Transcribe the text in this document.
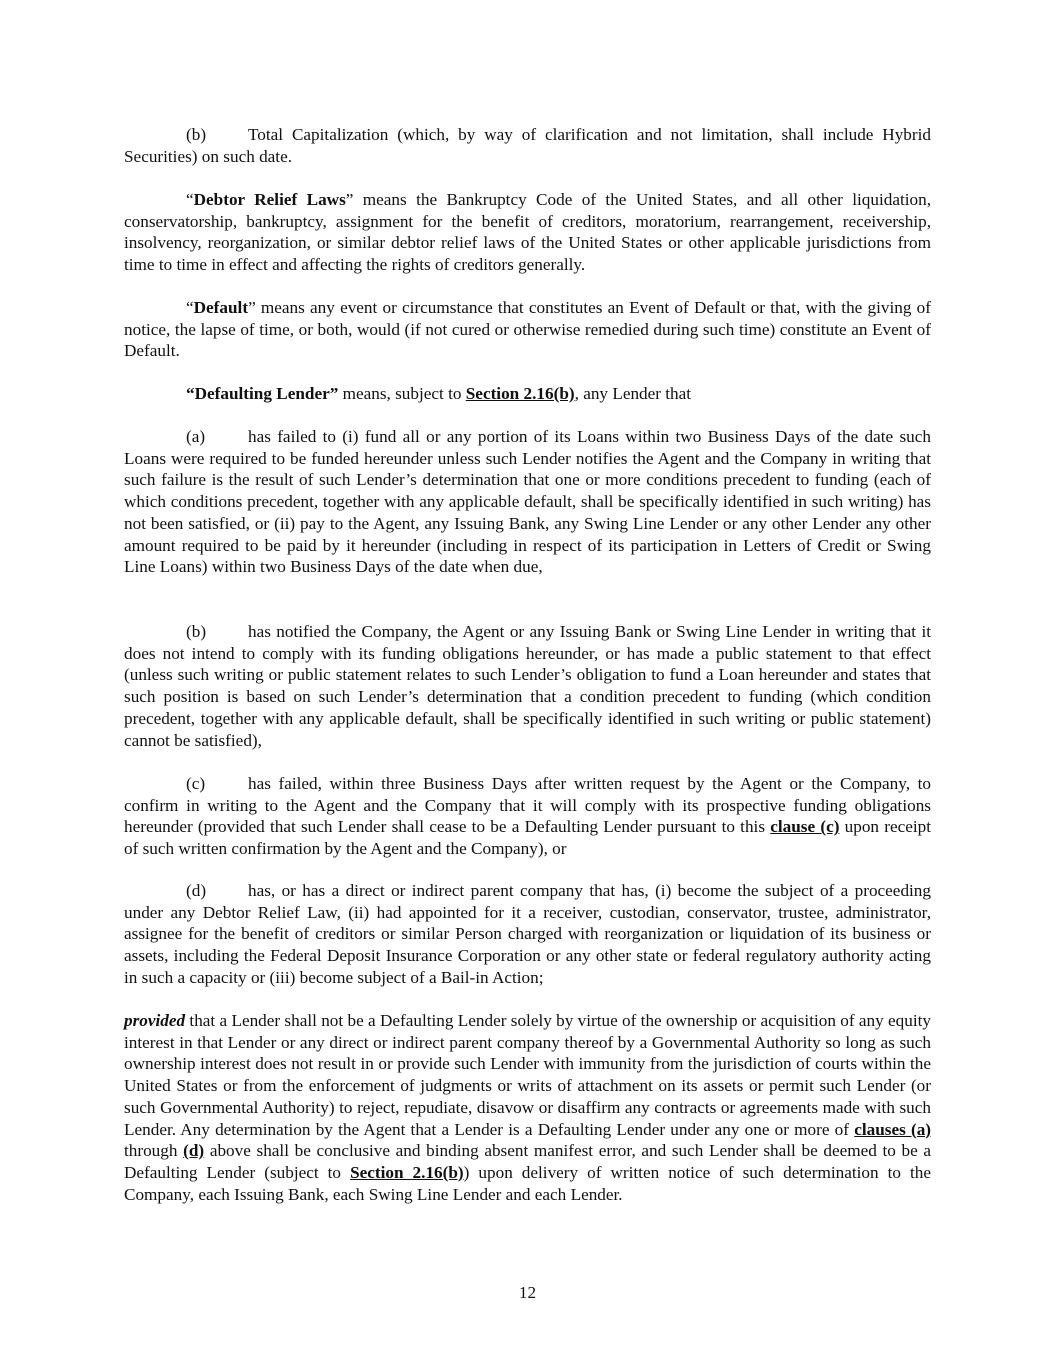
(b) Total Capitalization (which, by way of clarification and not limitation, shall include Hybrid Securities) on such date.

“Debtor Relief Laws” means the Bankruptcy Code of the United States, and all other liquidation, conservatorship, bankruptcy, assignment for the benefit of creditors, moratorium, rearrangement, receivership, insolvency, reorganization, or similar debtor relief laws of the United States or other applicable jurisdictions from time to time in effect and affecting the rights of creditors generally.

“Default” means any event or circumstance that constitutes an Event of Default or that, with the giving of notice, the lapse of time, or both, would (if not cured or otherwise remedied during such time) constitute an Event of Default.

“Defaulting Lender” means, subject to Section 2.16(b), any Lender that

(a) has failed to (i) fund all or any portion of its Loans within two Business Days of the date such Loans were required to be funded hereunder unless such Lender notifies the Agent and the Company in writing that such failure is the result of such Lender’s determination that one or more conditions precedent to funding (each of which conditions precedent, together with any applicable default, shall be specifically identified in such writing) has not been satisfied, or (ii) pay to the Agent, any Issuing Bank, any Swing Line Lender or any other Lender any other amount required to be paid by it hereunder (including in respect of its participation in Letters of Credit or Swing Line Loans) within two Business Days of the date when due,

(b) has notified the Company, the Agent or any Issuing Bank or Swing Line Lender in writing that it does not intend to comply with its funding obligations hereunder, or has made a public statement to that effect (unless such writing or public statement relates to such Lender’s obligation to fund a Loan hereunder and states that such position is based on such Lender’s determination that a condition precedent to funding (which condition precedent, together with any applicable default, shall be specifically identified in such writing or public statement) cannot be satisfied),

(c) has failed, within three Business Days after written request by the Agent or the Company, to confirm in writing to the Agent and the Company that it will comply with its prospective funding obligations hereunder (provided that such Lender shall cease to be a Defaulting Lender pursuant to this clause (c) upon receipt of such written confirmation by the Agent and the Company), or

(d) has, or has a direct or indirect parent company that has, (i) become the subject of a proceeding under any Debtor Relief Law, (ii) had appointed for it a receiver, custodian, conservator, trustee, administrator, assignee for the benefit of creditors or similar Person charged with reorganization or liquidation of its business or assets, including the Federal Deposit Insurance Corporation or any other state or federal regulatory authority acting in such a capacity or (iii) become subject of a Bail-in Action;

provided that a Lender shall not be a Defaulting Lender solely by virtue of the ownership or acquisition of any equity interest in that Lender or any direct or indirect parent company thereof by a Governmental Authority so long as such ownership interest does not result in or provide such Lender with immunity from the jurisdiction of courts within the United States or from the enforcement of judgments or writs of attachment on its assets or permit such Lender (or such Governmental Authority) to reject, repudiate, disavow or disaffirm any contracts or agreements made with such Lender. Any determination by the Agent that a Lender is a Defaulting Lender under any one or more of clauses (a) through (d) above shall be conclusive and binding absent manifest error, and such Lender shall be deemed to be a Defaulting Lender (subject to Section 2.16(b)) upon delivery of written notice of such determination to the Company, each Issuing Bank, each Swing Line Lender and each Lender.

12
